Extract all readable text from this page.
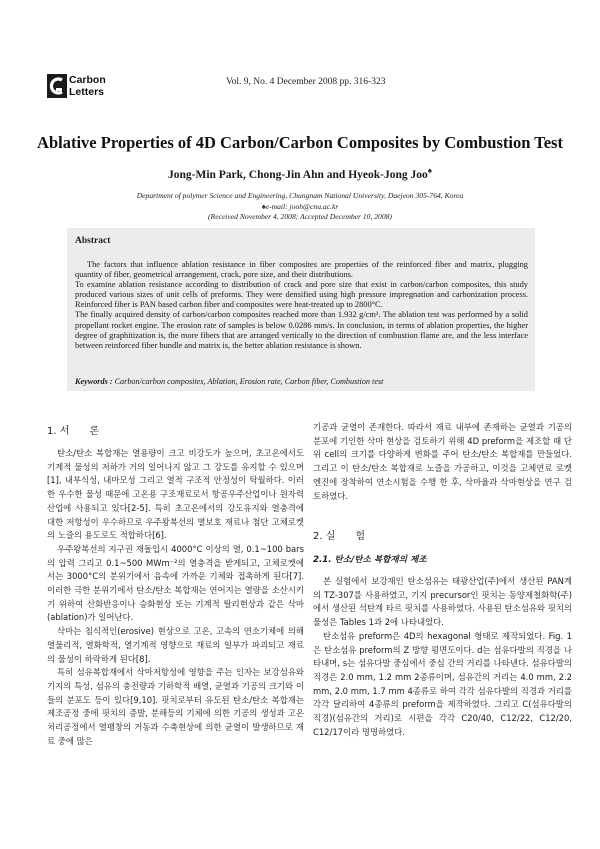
Carbon
Letters
Vol. 9, No. 4 December 2008 pp. 316-323
Ablative Properties of 4D Carbon/Carbon Composites by Combustion Test
Jong-Min Park, Chong-Jin Ahn and Hyeok-Jong Joo♠
Department of polymer Science and Engineering, Chungnam National University, Daejeon 305-764, Korea
♠e-mail: jooh@cnu.ac.kr
(Received November 4, 2008; Accepted December 10, 2008)
Abstract
The factors that influence ablation resistance in fiber composites are properties of the reinforced fiber and matrix, plugging quantity of fiber, geometrical arrangement, crack, pore size, and their distributions.
To examine ablation resistance according to distribution of crack and pore size that exist in carbon/carbon composites, this study produced various sizes of unit cells of preforms. They were densified using high pressure impregnation and carbonization process. Reinforced fiber is PAN based carbon fiber and composites were heat-treated up to 2800°C.
The finally acquired density of carbon/carbon composites reached more than 1.932 g/cm³. The ablation test was performed by a solid propellant rocket engine. The erosion rate of samples is below 0.0286 mm/s. In conclusion, in terms of ablation properties, the higher degree of graphitization is, the more fibers that are arranged vertically to the direction of combustion flame are, and the less interface between reinforced fiber bundle and matrix is, the better ablation resistance is shown.
Keywords : Carbon/carbon composites, Ablation, Erosion rate, Carbon fiber, Combustion test
1. 서　　론

탄소/탄소 복합재는 열용량이 크고 비강도가 높으며, 초고온에서도 기계적 물성의 저하가 거의 일어나지 않고 그 강도를 유지할 수 있으며[1], 내부식성, 내마모성 그리고 열적 구조적 안정성이 탁월하다. 이러한 우수한 물성 때문에 고온용 구조재료로서 항공우주산업이나 원자력 산업에 사용되고 있다[2-5]. 특히 초고온에서의 강도유지와 열충격에 대한 저항성이 우수하므로 우주왕복선의 열보호 재료나 첨단 고체로켓의 노즐의 용도로도 적합하다[6].

우주왕복선의 지구권 재돌입시 4000°C 이상의 열, 0.1~100 bars의 압력 그리고 0.1~500 MWm⁻²의 열충격을 받게되고, 고체로켓에서는 3000°C의 분위기에서 음속에 가까운 기체와 접촉하게 된다[7]. 이러한 극한 분위기에서 탄소/탄소 복합재는 연어지는 열량을 소산시키기 위하여 산화반응이나 승화현상 또는 기계적 탈리현상과 같은 삭마(ablation)가 일어난다.

삭마는 침식적인(erosive) 현상으로 고온, 고속의 연소기체에 의해 열물리적, 열화학적, 열기계적 영향으로 재료의 일부가 파괴되고 재료의 물성이 하락하게 된다[8].

특히 섬유복합재에서 삭마저항성에 영향을 주는 인자는 보강섬유와 기지의 특성, 섬유의 충전량과 기하학적 배열, 균열과 기공의 크기와 이들의 분포도 등이 있다[9,10]. 핏치로부터 유도된 탄소/탄소 복합재는 제조공정 중에 핏치의 증발, 분해등의 기체에 의한 기공의 생성과 고온처리공정에서 열팽창의 거동과 수축현상에 의한 균열이 발생하므로 재료 중에 많은

기공과 균열이 존재한다. 따라서 재료 내부에 존재하는 균열과 기공의 분포에 기인한 삭마 현상을 검토하기 위해 4D preform을 제조할 때 단위 cell의 크기를 다양하게 변화를 주어 탄소/탄소 복합재를 만들었다. 그리고 이 탄소/탄소 복합재로 노즐을 가공하고, 이것을 고체연료 로켓엔진에 장착하여 연소시험을 수행 한 후, 삭마율과 삭마현상을 연구 검토하였다.

2. 실　　험
2.1. 탄소/탄소 복합재의 제조

본 실험에서 보강재인 탄소섬유는 태광산업(주)에서 생산된 PAN계의 TZ-307를 사용하였고, 기지 precursor인 핏치는 동양제철화학(주)에서 생산된 석탄계 타르 핏치를 사용하였다. 사용된 탄소섬유와 핏치의 물성은 Tables 1과 2에 나타내었다.

탄소섬유 preform은 4D의 hexagonal 형태로 제작되었다. Fig. 1은 탄소섬유 preform의 Z 방향 평면도이다. d는 섬유다발의 직경을 나타내며, s는 섬유다발 중심에서 중심 간의 거리를 나타낸다. 섬유다발의 직경은 2.0 mm, 1.2 mm 2종류이며, 섬유간의 거리는 4.0 mm, 2.2 mm, 2.0 mm, 1.7 mm 4종류로 하여 각각 섬유다발의 직경과 거리를 각각 달리하여 4종류의 preform을 제작하였다. 그리고 C(섬유다발의 직경)(섬유간의 거리)로 시편을 각각 C20/40, C12/22, C12/20, C12/17이라 명명하였다.
